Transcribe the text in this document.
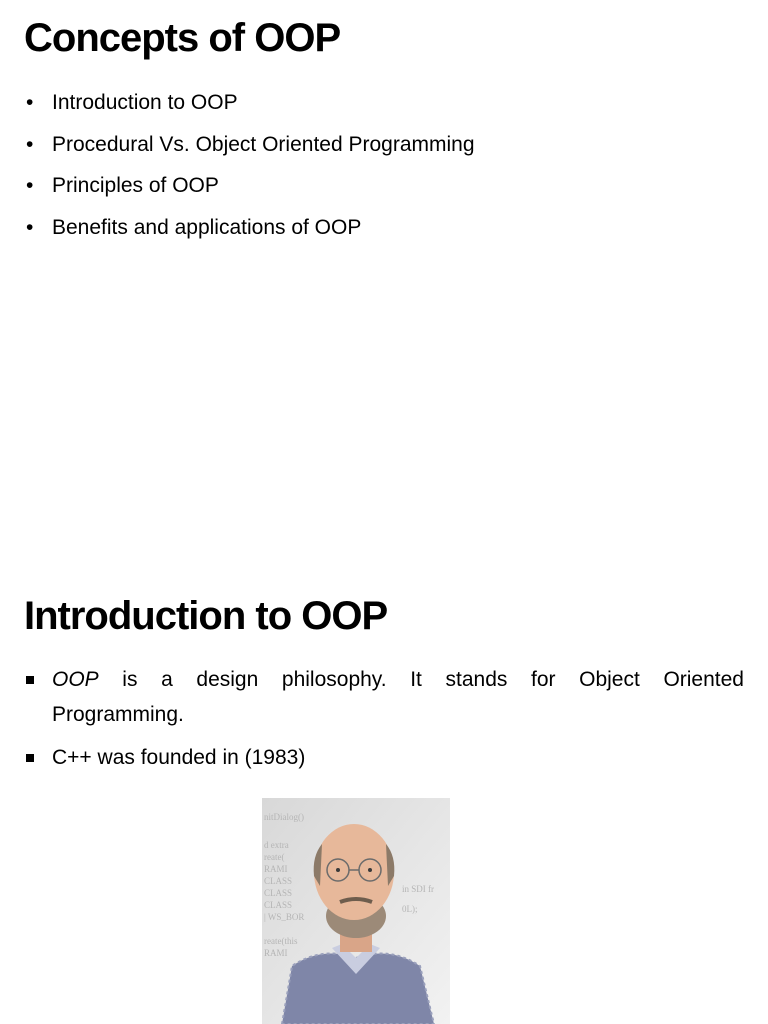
Concepts of OOP
• Introduction to OOP
• Procedural Vs. Object Oriented Programming
• Principles of OOP
• Benefits and applications of OOP
Introduction to OOP
OOP is a design philosophy. It stands for Object Oriented Programming.
C++ was founded in (1983)
nitDialog()
d extra
reate(
RAMI
CLASS
CLASS
CLASS
| WS_BOR
reate(this
RAMI
in SDI fr
0L);
